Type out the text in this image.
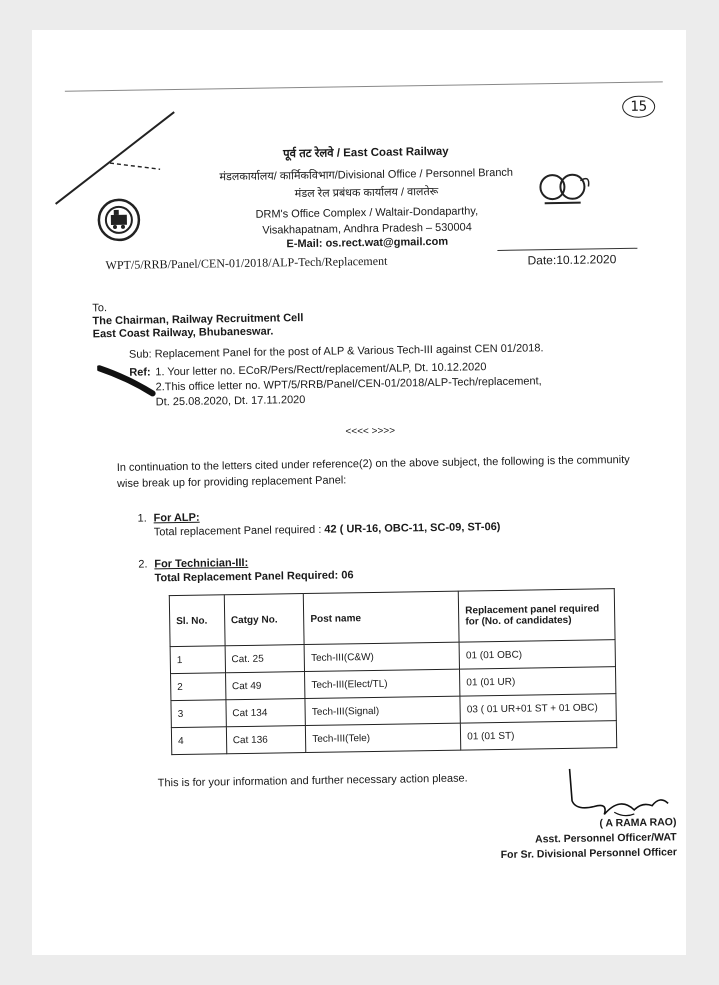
15
पूर्व तट रेलवे / East Coast Railway
मंडलकार्यालय/ कार्मिकविभाग/Divisional Office / Personnel Branch
मंडल रेल प्रबंधक कार्यालय / वालतेरू
DRM's Office Complex / Waltair-Dondaparthy,
Visakhapatnam, Andhra Pradesh – 530004
E-Mail: os.rect.wat@gmail.com
WPT/5/RRB/Panel/CEN-01/2018/ALP-Tech/Replacement	Date:10.12.2020
To.
The Chairman, Railway Recruitment Cell
East Coast Railway, Bhubaneswar.
Sub: Replacement Panel for the post of ALP & Various Tech-III against CEN 01/2018.
Ref: 1. Your letter no. ECoR/Pers/Rectt/replacement/ALP, Dt. 10.12.2020
2.This office letter no. WPT/5/RRB/Panel/CEN-01/2018/ALP-Tech/replacement,
Dt. 25.08.2020, Dt. 17.11.2020
<<<< >>>>
In continuation to the letters cited under reference(2) on the above subject, the following is the community wise break up for providing replacement Panel:
1. For ALP:
Total replacement Panel required : 42 ( UR-16, OBC-11, SC-09, ST-06)
2. For Technician-III:
Total Replacement Panel Required: 06
Sl. No.	Catgy No.	Post name	Replacement panel required for (No. of candidates)
1	Cat. 25	Tech-III(C&W)	01 (01 OBC)
2	Cat 49	Tech-III(Elect/TL)	01 (01 UR)
3	Cat 134	Tech-III(Signal)	03 ( 01 UR+01 ST + 01 OBC)
4	Cat 136	Tech-III(Tele)	01 (01 ST)
This is for your information and further necessary action please.
( A RAMA RAO)
Asst. Personnel Officer/WAT
For Sr. Divisional Personnel Officer
